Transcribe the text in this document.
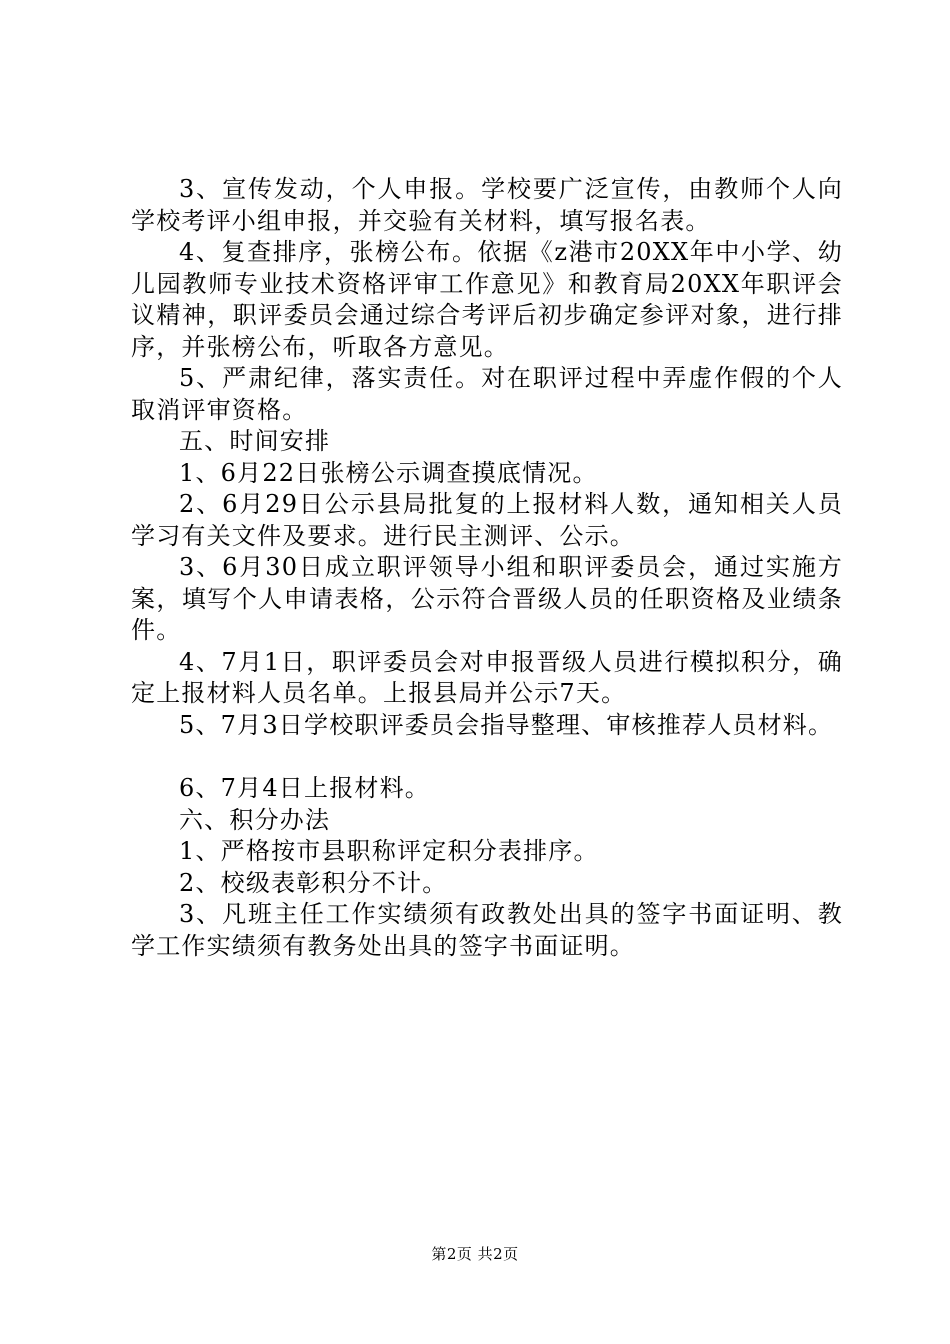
3、宣传发动，个人申报。学校要广泛宣传，由教师个人向学校考评小组申报，并交验有关材料，填写报名表。

4、复查排序，张榜公布。依据《z港市20XX年中小学、幼儿园教师专业技术资格评审工作意见》和教育局20XX年职评会议精神，职评委员会通过综合考评后初步确定参评对象，进行排序，并张榜公布，听取各方意见。

5、严肃纪律，落实责任。对在职评过程中弄虚作假的个人取消评审资格。

五、时间安排

1、6月22日张榜公示调查摸底情况。

2、6月29日公示县局批复的上报材料人数，通知相关人员学习有关文件及要求。进行民主测评、公示。

3、6月30日成立职评领导小组和职评委员会，通过实施方案，填写个人申请表格，公示符合晋级人员的任职资格及业绩条件。

4、7月1日，职评委员会对申报晋级人员进行模拟积分，确定上报材料人员名单。上报县局并公示7天。

5、7月3日学校职评委员会指导整理、审核推荐人员材料。

6、7月4日上报材料。

六、积分办法

1、严格按市县职称评定积分表排序。

2、校级表彰积分不计。

3、凡班主任工作实绩须有政教处出具的签字书面证明、教学工作实绩须有教务处出具的签字书面证明。

第2页 共2页
